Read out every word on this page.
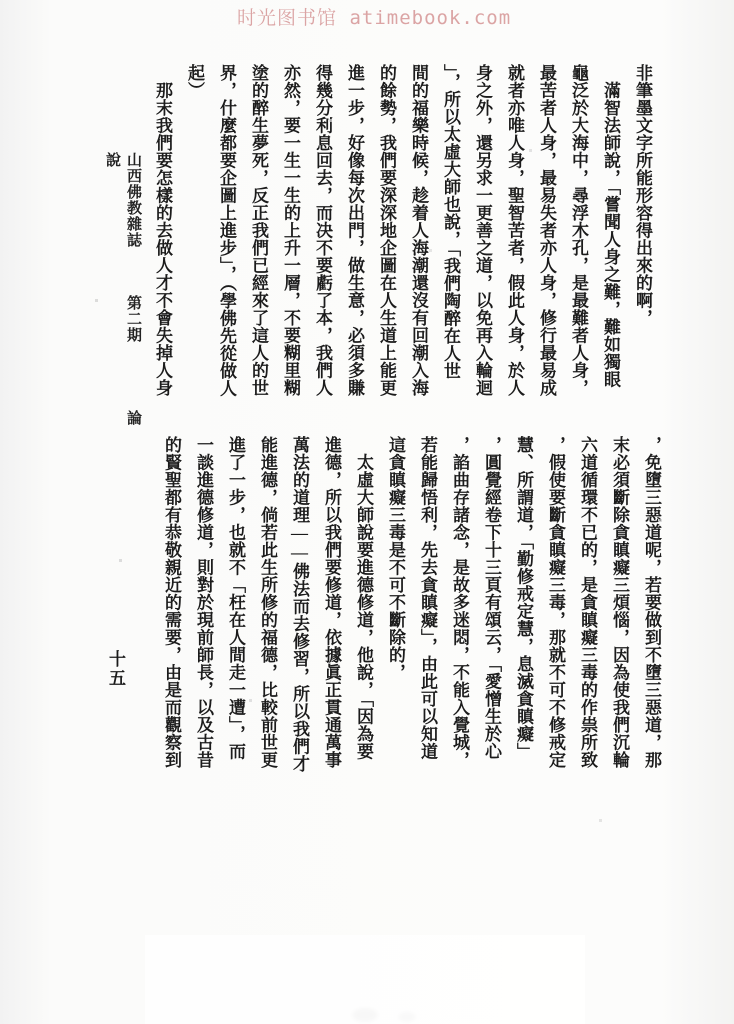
时光图书馆 atimebook.com

非筆墨文字所能形容得出來的啊，

　滿智法師說，「嘗聞人身之難，難如獨眼

龜泛於大海中，尋浮木孔，是最難者人身，

最苦者人身，最易失者亦人身，修行最易成

就者亦唯人身，聖智苦者，假此人身，於人

身之外，還另求一更善之道，以免再入輪迴

」，所以太虛大師也說，「我們陶醉在人世

間的福樂時候，趁着人海潮還沒有回潮入海

的餘勢，我們要深深地企圖在人生道上能更

進一步，好像每次出門，做生意，必須多賺

得幾分利息回去，而决不要虧了本，我們人

亦然，要一生一生的上升一層，不要糊里糊

塗的醉生夢死，反正我們已經來了這人的世

界，什麼都要企圖上進步」，（學佛先從做人

起）

　那末我們要怎樣的去做人才不會失掉人身

，免墮三惡道呢，若要做到不墮三惡道，那

末必須斷除貪瞋癡三煩惱，因為使我們沉輪

六道循環不已的，是貪瞋癡三毒的作祟所致

，假使要斷貪瞋癡三毒，那就不可不修戒定

慧、所謂道，「勤修戒定慧，息滅貪瞋癡」

，圓覺經卷下十三頁有頌云，「愛憎生於心

，諂曲存諸念，是故多迷悶，不能入覺城，

若能歸悟利，先去貪瞋癡」，由此可以知道

這貪瞋癡三毒是不可不斷除的，

　太虛大師說要進德修道，他說，「因為要

進德，所以我們要修道，依據眞正貫通萬事

萬法的道理——佛法而去修習，所以我們才

能進德，倘若此生所修的福德，比較前世更

進了一步，也就不「枉在人間走一遭」，而

一談進德修道，則對於現前師長，以及古昔

的賢聖都有恭敬親近的需要，由是而觀察到

山西佛教雜誌 第二期 論說
十五
